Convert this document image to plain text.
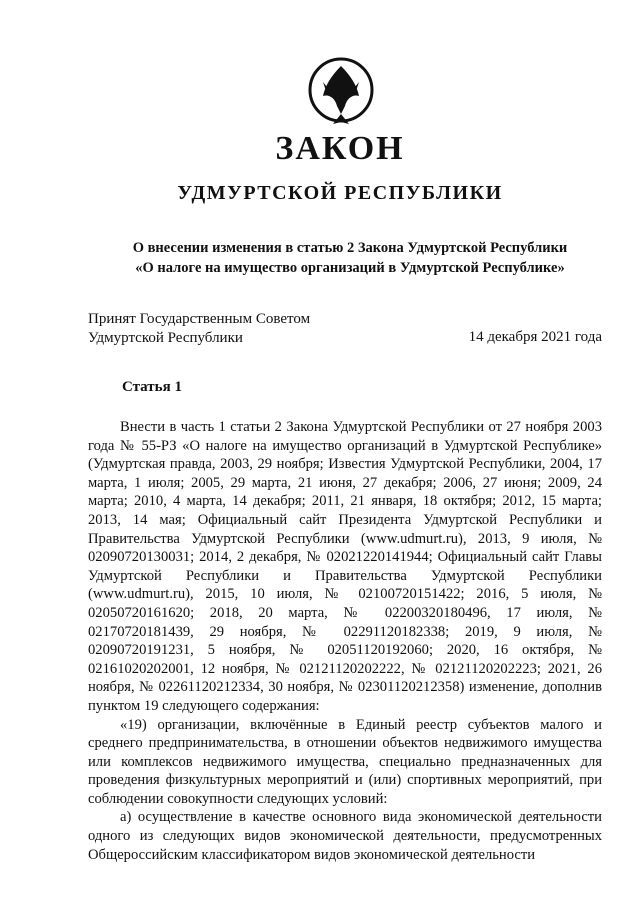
ЗАКОН
УДМУРТСКОЙ РЕСПУБЛИКИ
О внесении изменения в статью 2 Закона Удмуртской Республики
«О налоге на имущество организаций в Удмуртской Республике»
Принят Государственным Советом
Удмуртской Республики	14 декабря 2021 года
Статья 1

Внести в часть 1 статьи 2 Закона Удмуртской Республики от 27 ноября 2003 года № 55-РЗ «О налоге на имущество организаций в Удмуртской Республике» (Удмуртская правда, 2003, 29 ноября; Известия Удмуртской Республики, 2004, 17 марта, 1 июля; 2005, 29 марта, 21 июня, 27 декабря; 2006, 27 июня; 2009, 24 марта; 2010, 4 марта, 14 декабря; 2011, 21 января, 18 октября; 2012, 15 марта; 2013, 14 мая; Официальный сайт Президента Удмуртской Республики и Правительства Удмуртской Республики (www.udmurt.ru), 2013, 9 июля, № 02090720130031; 2014, 2 декабря, № 02021220141944; Официальный сайт Главы Удмуртской Республики и Правительства Удмуртской Республики (www.udmurt.ru), 2015, 10 июля, № 02100720151422; 2016, 5 июля, № 02050720161620; 2018, 20 марта, № 02200320180496, 17 июля, № 02170720181439, 29 ноября, № 02291120182338; 2019, 9 июля, № 02090720191231, 5 ноября, № 02051120192060; 2020, 16 октября, № 02161020202001, 12 ноября, № 02121120202222, № 02121120202223; 2021, 26 ноября, № 02261120212334, 30 ноября, № 02301120212358) изменение, дополнив пунктом 19 следующего содержания:

«19) организации, включённые в Единый реестр субъектов малого и среднего предпринимательства, в отношении объектов недвижимого имущества или комплексов недвижимого имущества, специально предназначенных для проведения физкультурных мероприятий и (или) спортивных мероприятий, при соблюдении совокупности следующих условий:

а) осуществление в качестве основного вида экономической деятельности одного из следующих видов экономической деятельности, предусмотренных Общероссийским классификатором видов экономической деятельности
